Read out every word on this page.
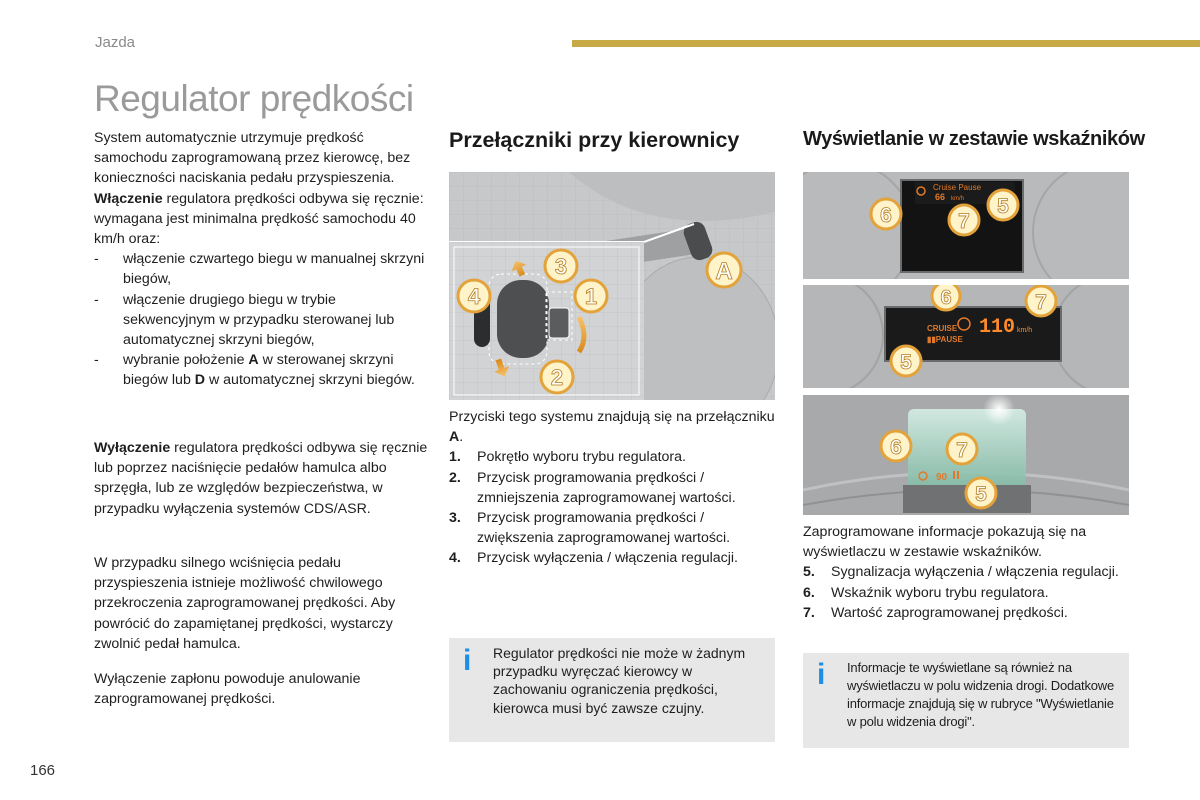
Jazda
Regulator prędkości

System automatycznie utrzymuje prędkość samochodu zaprogramowaną przez kierowcę, bez konieczności naciskania pedału przyspieszenia.

Włączenie regulatora prędkości odbywa się ręcznie: wymagana jest minimalna prędkość samochodu 40 km/h oraz:

- włączenie czwartego biegu w manualnej skrzyni biegów,
- włączenie drugiego biegu w trybie sekwencyjnym w przypadku sterowanej lub automatycznej skrzyni biegów,
- wybranie położenie A w sterowanej skrzyni biegów lub D w automatycznej skrzyni biegów.

Wyłączenie regulatora prędkości odbywa się ręcznie lub poprzez naciśnięcie pedałów hamulca albo sprzęgła, lub ze względów bezpieczeństwa, w przypadku wyłączenia systemów CDS/ASR.

W przypadku silnego wciśnięcia pedału przyspieszenia istnieje możliwość chwilowego przekroczenia zaprogramowanej prędkości. Aby powrócić do zapamiętanej prędkości, wystarczy zwolnić pedał hamulca.

Wyłączenie zapłonu powoduje anulowanie zaprogramowanej prędkości.

Przełączniki przy kierownicy
4
3
1
2
A
Przyciski tego systemu znajdują się na przełączniku A.
1. Pokrętło wyboru trybu regulatora.
2. Przycisk programowania prędkości / zmniejszenia zaprogramowanej wartości.
3. Przycisk programowania prędkości / zwiększenia zaprogramowanej wartości.
4. Przycisk wyłączenia / włączenia regulacji.
i Regulator prędkości nie może w żadnym przypadku wyręczać kierowcy w zachowaniu ograniczenia prędkości, kierowca musi być zawsze czujny.
Wyświetlanie w zestawie wskaźników
Cruise Pause
66 km/h
6	7
5
CRUISE
▮▮PAUSE
110 km/h
6	7
5
90
6	7
5
Zaprogramowane informacje pokazują się na wyświetlaczu w zestawie wskaźników.
5. Sygnalizacja wyłączenia / włączenia regulacji.
6. Wskaźnik wyboru trybu regulatora.
7. Wartość zaprogramowanej prędkości.
i Informacje te wyświetlane są również na wyświetlaczu w polu widzenia drogi. Dodatkowe informacje znajdują się w rubryce "Wyświetlanie w polu widzenia drogi".
166
